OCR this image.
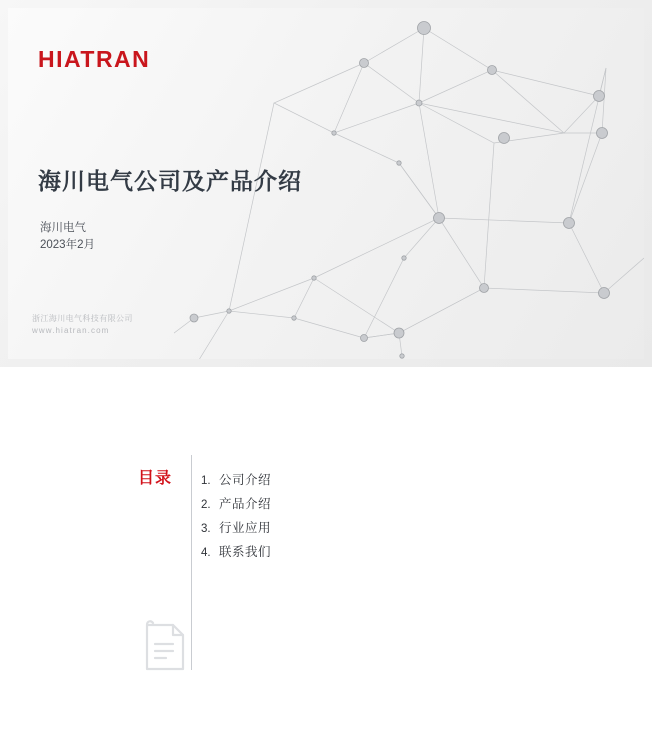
HIATRAN
海川电气公司及产品介绍
海川电气
2023年2月
浙江海川电气科技有限公司
www.hiatran.com
目录	1. 公司介绍
2. 产品介绍
3. 行业应用
4. 联系我们
